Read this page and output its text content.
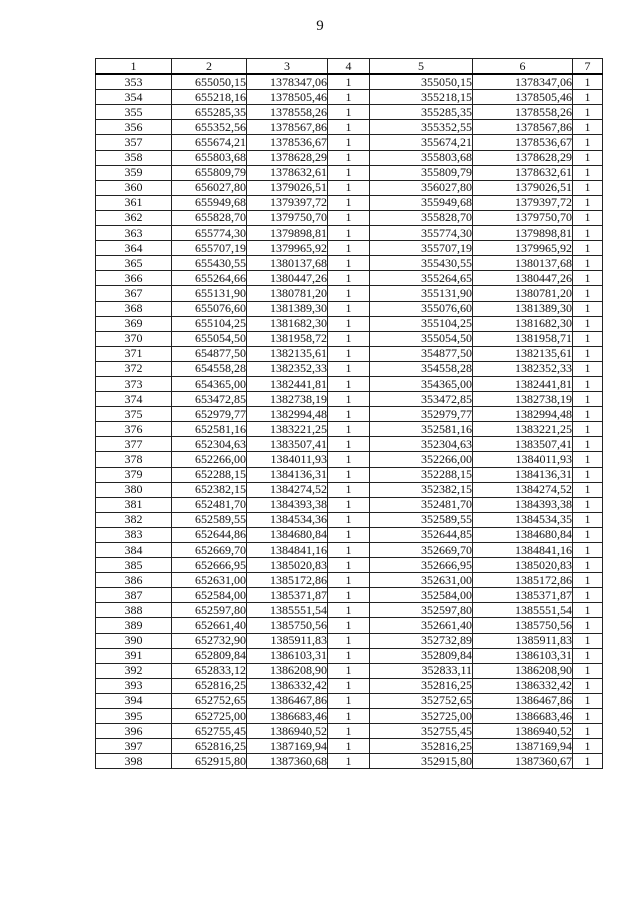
9
1	2	3	4	5	6	7
353	655050,15	1378347,06	1	355050,15	1378347,06	1
354	655218,16	1378505,46	1	355218,15	1378505,46	1
355	655285,35	1378558,26	1	355285,35	1378558,26	1
356	655352,56	1378567,86	1	355352,55	1378567,86	1
357	655674,21	1378536,67	1	355674,21	1378536,67	1
358	655803,68	1378628,29	1	355803,68	1378628,29	1
359	655809,79	1378632,61	1	355809,79	1378632,61	1
360	656027,80	1379026,51	1	356027,80	1379026,51	1
361	655949,68	1379397,72	1	355949,68	1379397,72	1
362	655828,70	1379750,70	1	355828,70	1379750,70	1
363	655774,30	1379898,81	1	355774,30	1379898,81	1
364	655707,19	1379965,92	1	355707,19	1379965,92	1
365	655430,55	1380137,68	1	355430,55	1380137,68	1
366	655264,66	1380447,26	1	355264,65	1380447,26	1
367	655131,90	1380781,20	1	355131,90	1380781,20	1
368	655076,60	1381389,30	1	355076,60	1381389,30	1
369	655104,25	1381682,30	1	355104,25	1381682,30	1
370	655054,50	1381958,72	1	355054,50	1381958,71	1
371	654877,50	1382135,61	1	354877,50	1382135,61	1
372	654558,28	1382352,33	1	354558,28	1382352,33	1
373	654365,00	1382441,81	1	354365,00	1382441,81	1
374	653472,85	1382738,19	1	353472,85	1382738,19	1
375	652979,77	1382994,48	1	352979,77	1382994,48	1
376	652581,16	1383221,25	1	352581,16	1383221,25	1
377	652304,63	1383507,41	1	352304,63	1383507,41	1
378	652266,00	1384011,93	1	352266,00	1384011,93	1
379	652288,15	1384136,31	1	352288,15	1384136,31	1
380	652382,15	1384274,52	1	352382,15	1384274,52	1
381	652481,70	1384393,38	1	352481,70	1384393,38	1
382	652589,55	1384534,36	1	352589,55	1384534,35	1
383	652644,86	1384680,84	1	352644,85	1384680,84	1
384	652669,70	1384841,16	1	352669,70	1384841,16	1
385	652666,95	1385020,83	1	352666,95	1385020,83	1
386	652631,00	1385172,86	1	352631,00	1385172,86	1
387	652584,00	1385371,87	1	352584,00	1385371,87	1
388	652597,80	1385551,54	1	352597,80	1385551,54	1
389	652661,40	1385750,56	1	352661,40	1385750,56	1
390	652732,90	1385911,83	1	352732,89	1385911,83	1
391	652809,84	1386103,31	1	352809,84	1386103,31	1
392	652833,12	1386208,90	1	352833,11	1386208,90	1
393	652816,25	1386332,42	1	352816,25	1386332,42	1
394	652752,65	1386467,86	1	352752,65	1386467,86	1
395	652725,00	1386683,46	1	352725,00	1386683,46	1
396	652755,45	1386940,52	1	352755,45	1386940,52	1
397	652816,25	1387169,94	1	352816,25	1387169,94	1
398	652915,80	1387360,68	1	352915,80	1387360,67	1
